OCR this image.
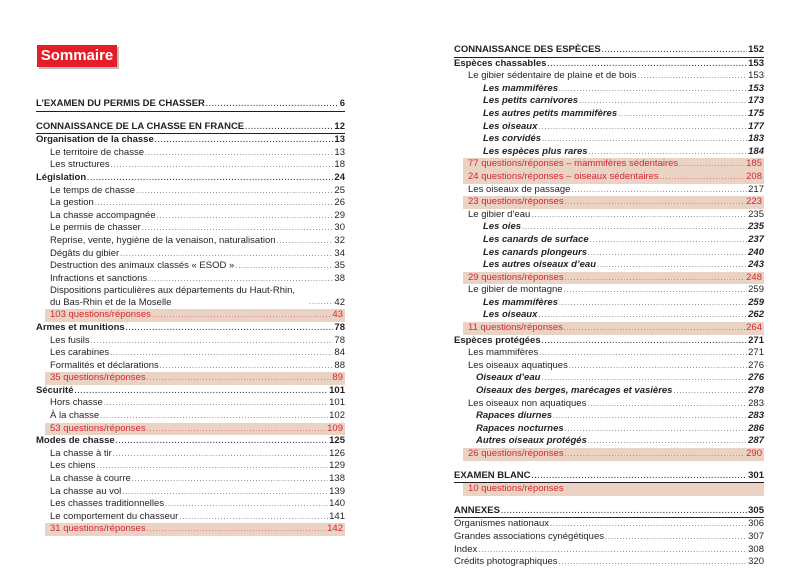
Sommaire
L’EXAMEN DU PERMIS DE CHASSER .....	6
CONNAISSANCE DE LA CHASSE EN FRANCE .....	12
Organisation de la chasse .....	13
Le territoire de chasse .....	13
Les structures .....	18
Législation .....	24
Le temps de chasse .....	25
La gestion .....	26
La chasse accompagnée .....	29
Le permis de chasser .....	30
Reprise, vente, hygiène de la venaison, naturalisation .....	32
Dégâts du gibier .....	34
Destruction des animaux classés « ESOD » .....	35
Infractions et sanctions .....	38
Dispositions particulières aux départements du Haut-Rhin, du Bas-Rhin et de la Moselle .....	42
103 questions/réponses .....	43
Armes et munitions .....	78
Les fusils .....	78
Les carabines .....	84
Formalités et déclarations .....	88
35 questions/réponses .....	89
Sécurité .....	101
Hors chasse .....	101
À la chasse .....	102
53 questions/réponses .....	109
Modes de chasse .....	125
La chasse à tir .....	126
Les chiens .....	129
La chasse à courre .....	138
La chasse au vol .....	139
Les chasses traditionnelles .....	140
Le comportement du chasseur .....	141
31 questions/réponses .....	142
CONNAISSANCE DES ESPÈCES .....	152
Espèces chassables .....	153
Le gibier sédentaire de plaine et de bois .....	153
Les mammifères .....	153
Les petits carnivores .....	173
Les autres petits mammifères .....	175
Les oiseaux .....	177
Les corvidés .....	183
Les espèces plus rares .....	184
77 questions/réponses – mammifères sédentaires .....	185
24 questions/réponses – oiseaux sédentaires .....	208
Les oiseaux de passage .....	217
23 questions/réponses .....	223
Le gibier d’eau .....	235
Les oies .....	235
Les canards de surface .....	237
Les canards plongeurs .....	240
Les autres oiseaux d’eau .....	243
29 questions/réponses .....	248
Le gibier de montagne .....	259
Les mammifères .....	259
Les oiseaux .....	262
11 questions/réponses .....	264
Espèces protégées .....	271
Les mammifères .....	271
Les oiseaux aquatiques .....	276
Oiseaux d’eau .....	276
Oiseaux des berges, marécages et vasières .....	278
Les oiseaux non aquatiques .....	283
Rapaces diurnes .....	283
Rapaces nocturnes .....	286
Autres oiseaux protégés .....	287
26 questions/réponses .....	290
EXAMEN BLANC .....	301
10 questions/réponses
ANNEXES .....	305
Organismes nationaux .....	306
Grandes associations cynégétiques .....	307
Index .....	308
Crédits photographiques .....	320
